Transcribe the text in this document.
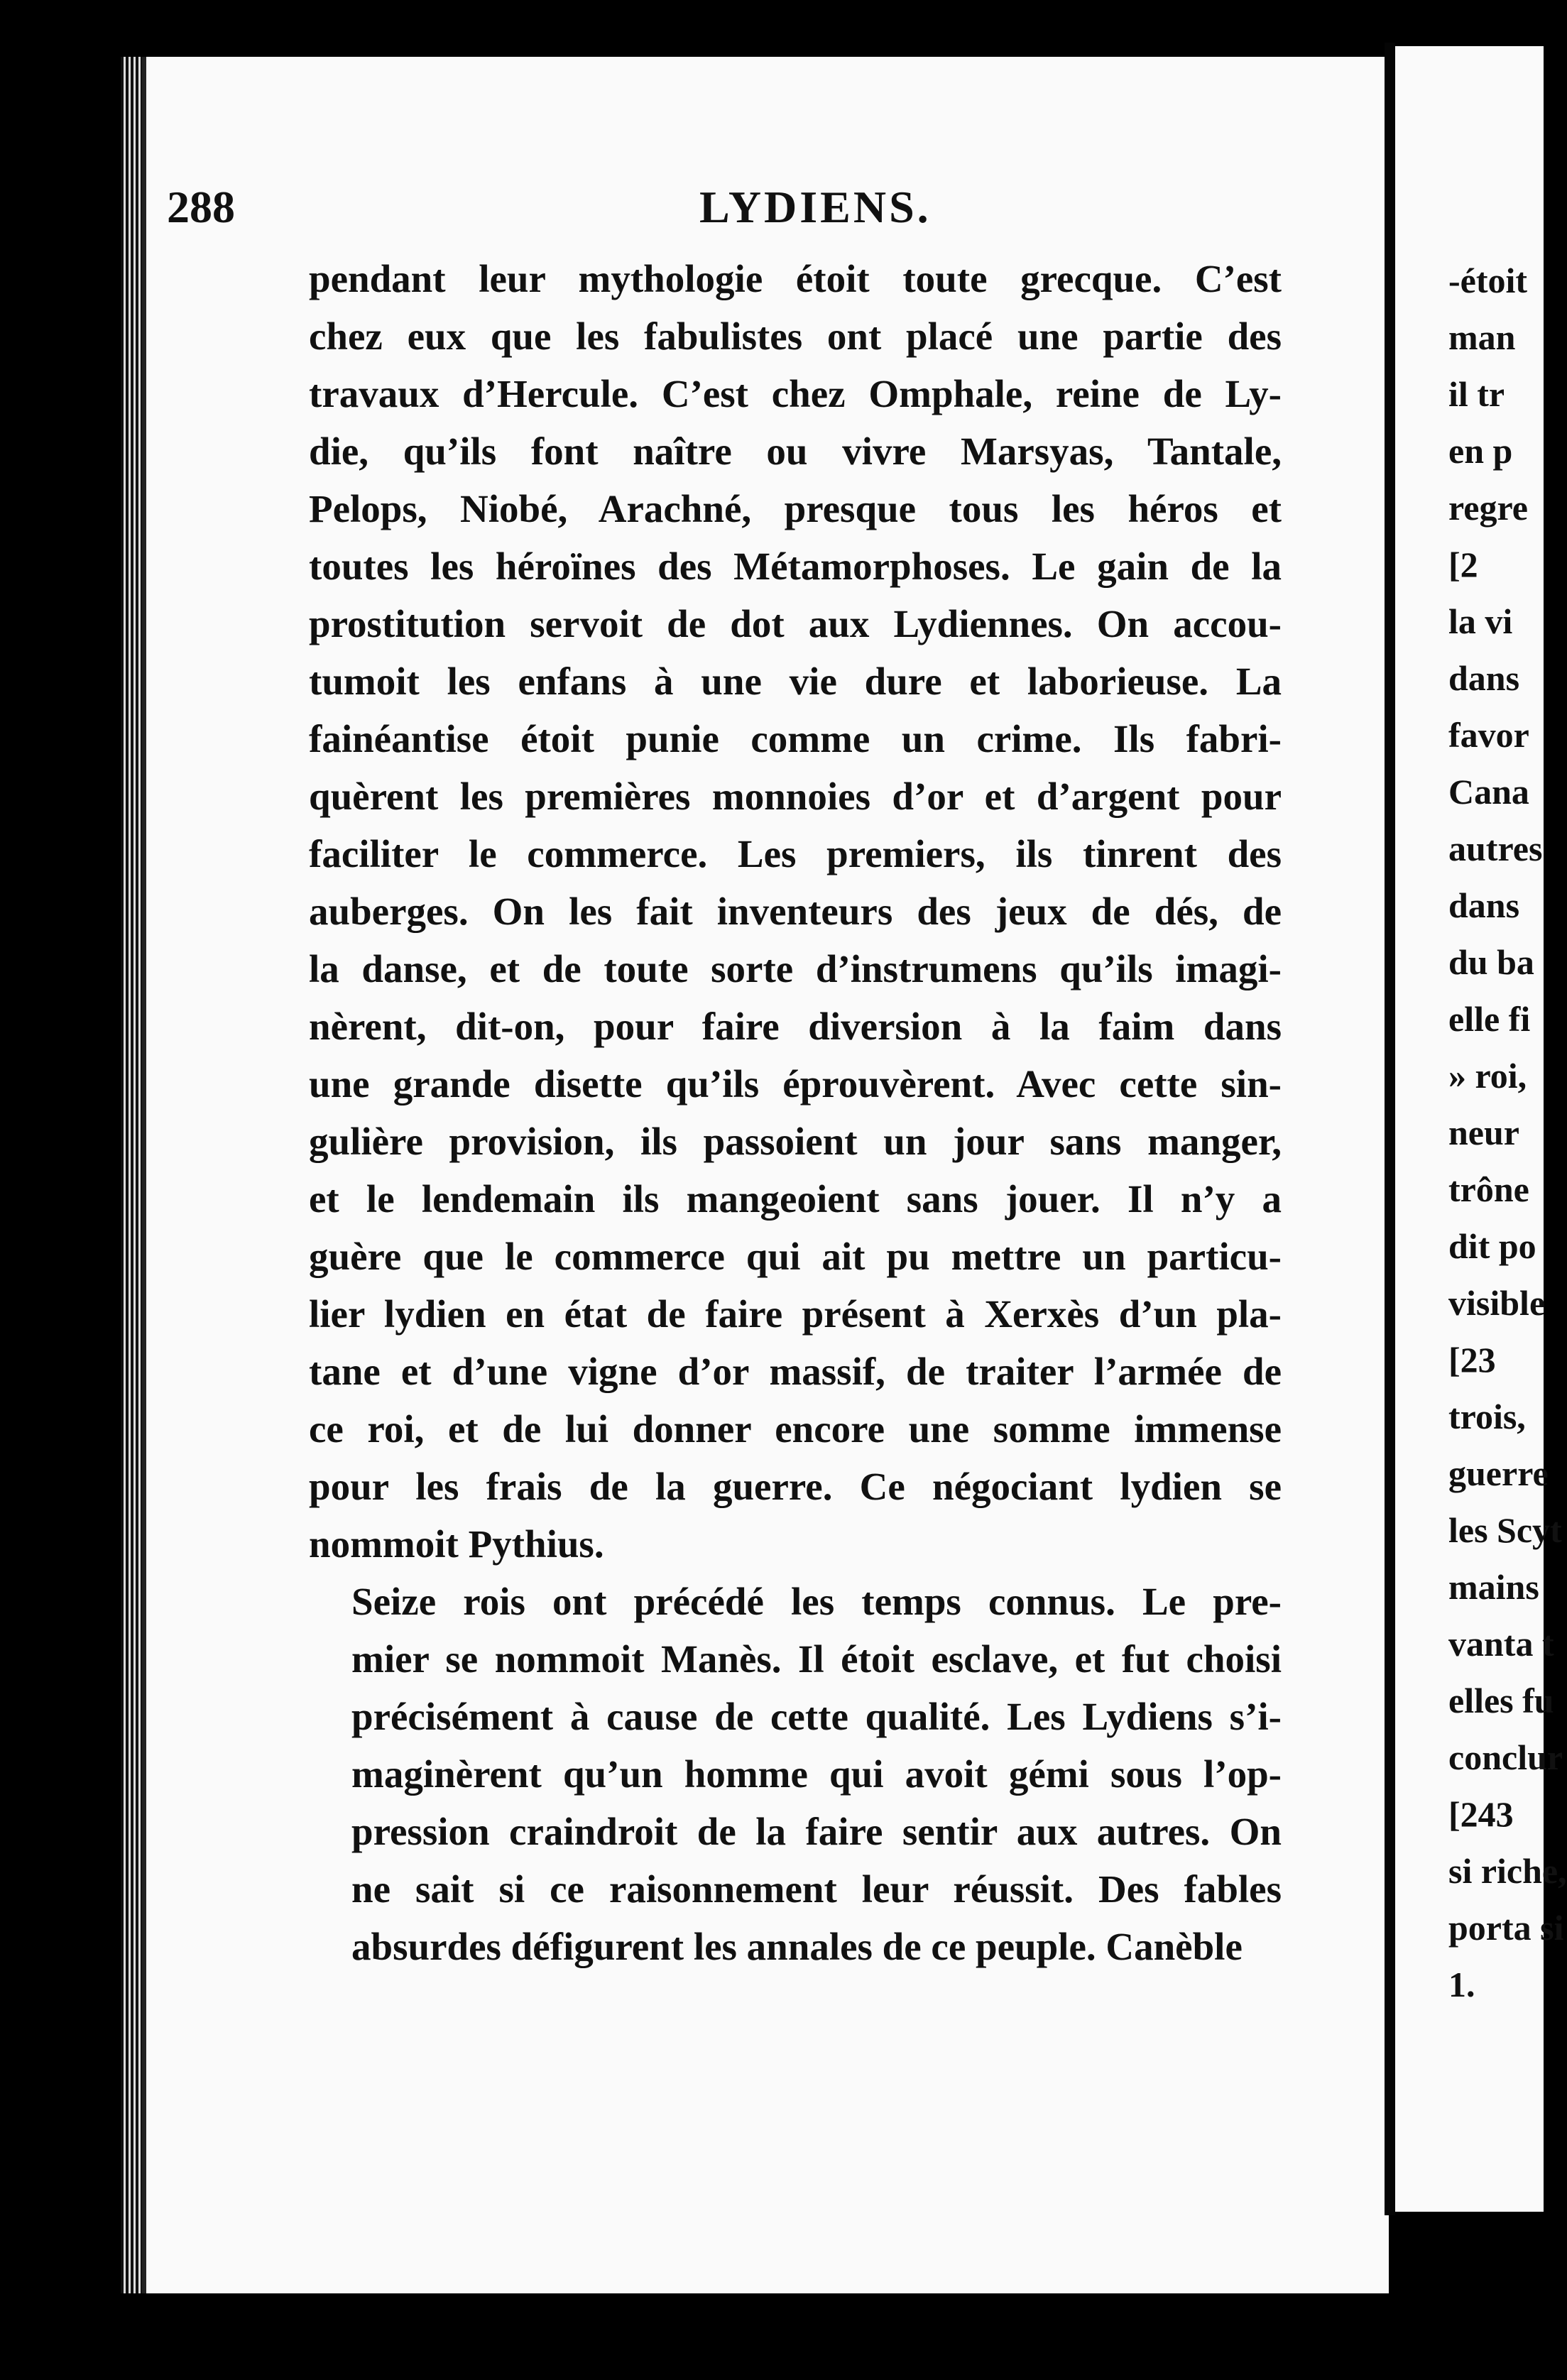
288	LYDIENS.

pendant leur mythologie étoit toute grecque. C’est
chez eux que les fabulistes ont placé une partie des
travaux d’Hercule. C’est chez Omphale, reine de Ly-
die, qu’ils font naître ou vivre Marsyas, Tantale,
Pelops, Niobé, Arachné, presque tous les héros et
toutes les héroïnes des Métamorphoses. Le gain de la
prostitution servoit de dot aux Lydiennes. On accou-
tumoit les enfans à une vie dure et laborieuse. La
fainéantise étoit punie comme un crime. Ils fabri-
quèrent les premières monnoies d’or et d’argent pour
faciliter le commerce. Les premiers, ils tinrent des
auberges. On les fait inventeurs des jeux de dés, de
la danse, et de toute sorte d’instrumens qu’ils imagi-
nèrent, dit-on, pour faire diversion à la faim dans
une grande disette qu’ils éprouvèrent. Avec cette sin-
gulière provision, ils passoient un jour sans manger,
et le lendemain ils mangeoient sans jouer. Il n’y a
guère que le commerce qui ait pu mettre un particu-
lier lydien en état de faire présent à Xerxès d’un pla-
tane et d’une vigne d’or massif, de traiter l’armée de
ce roi, et de lui donner encore une somme immense
pour les frais de la guerre. Ce négociant lydien se
nommoit Pythius.

Seize rois ont précédé les temps connus. Le pre-
mier se nommoit Manès. Il étoit esclave, et fut choisi
précisément à cause de cette qualité. Les Lydiens s’i-
maginèrent qu’un homme qui avoit gémi sous l’op-
pression craindroit de la faire sentir aux autres. On
ne sait si ce raisonnement leur réussit. Des fables
absurdes défigurent les annales de ce peuple. Canèble

-étoit
man
il tr
en p
regre
[2
la vi
dans
favor
Cana
autres
dans
du ba
elle fi
» roi,
neur
trône
dit po
visible
[23
trois,
guerre
les Scyt
mains
vanta t
elles fu
conclur
[243
si riche,
porta si
1.
